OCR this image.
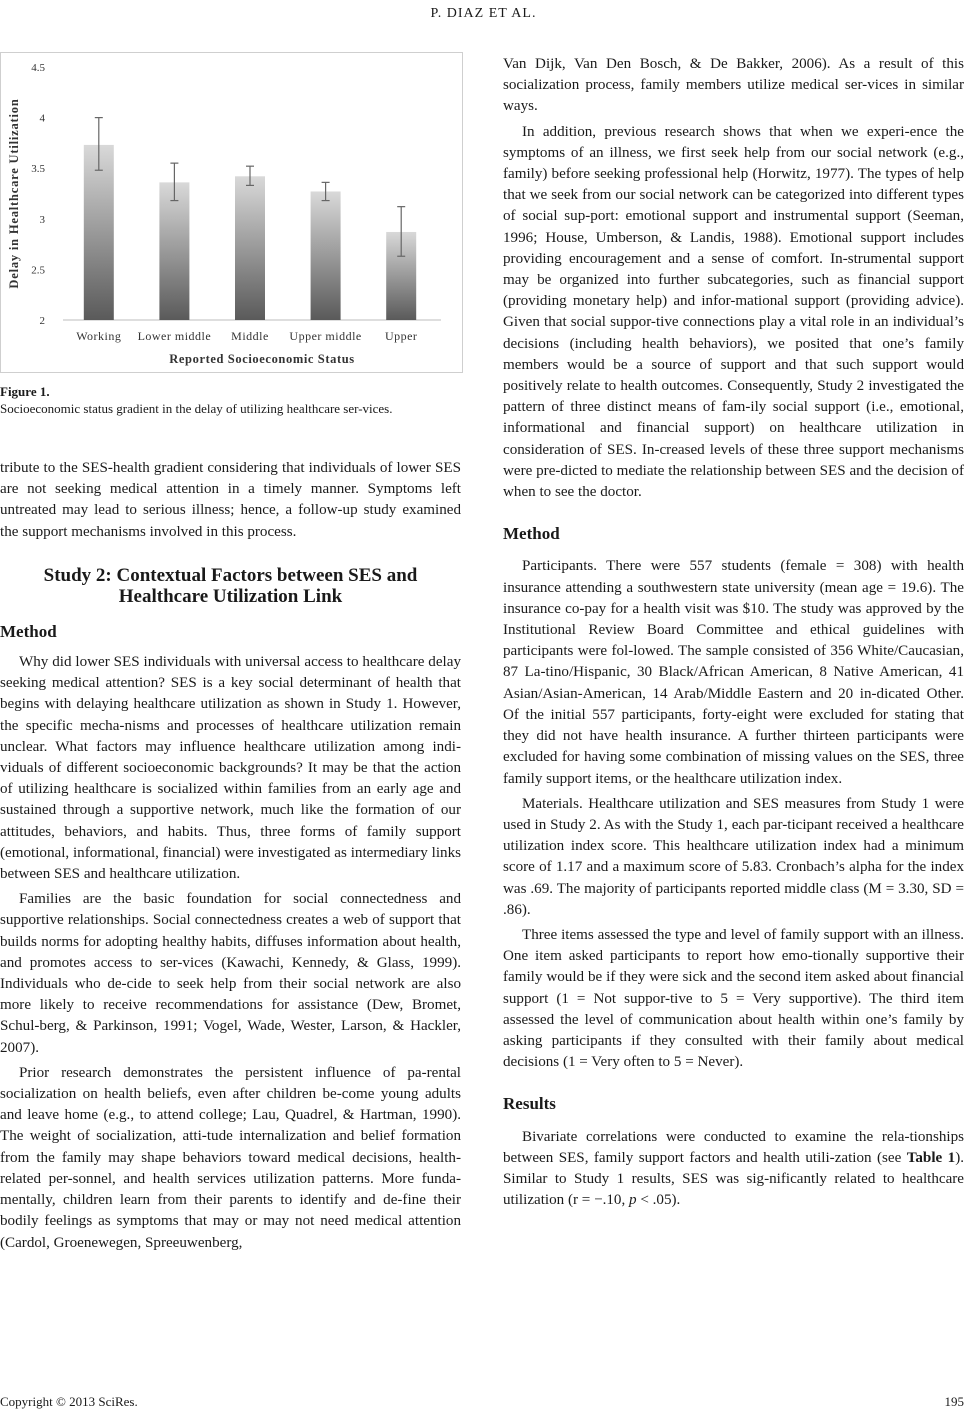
P. DIAZ ET AL.
2
2.5
3
3.5
4
4.5
Working Lower middle Middle Upper middle Upper
Reported Socioeconomic Status
Delay in Healthcare Utilization
Figure 1.
Socioeconomic status gradient in the delay of utilizing healthcare ser-vices.

tribute to the SES-health gradient considering that individuals of lower SES are not seeking medical attention in a timely manner. Symptoms left untreated may lead to serious illness; hence, a follow-up study examined the support mechanisms involved in this process.

Study 2: Contextual Factors between SES and Healthcare Utilization Link
Method

Why did lower SES individuals with universal access to healthcare delay seeking medical attention? SES is a key social determinant of health that begins with delaying healthcare utilization as shown in Study 1. However, the specific mecha-nisms and processes of healthcare utilization remain unclear. What factors may influence healthcare utilization among indi-viduals of different socioeconomic backgrounds? It may be that the action of utilizing healthcare is socialized within families from an early age and sustained through a supportive network, much like the formation of our attitudes, behaviors, and habits. Thus, three forms of family support (emotional, informational, financial) were investigated as intermediary links between SES and healthcare utilization.

Families are the basic foundation for social connectedness and supportive relationships. Social connectedness creates a web of support that builds norms for adopting healthy habits, diffuses information about health, and promotes access to ser-vices (Kawachi, Kennedy, & Glass, 1999). Individuals who de-cide to seek help from their social network are also more likely to receive recommendations for assistance (Dew, Bromet, Schul-berg, & Parkinson, 1991; Vogel, Wade, Wester, Larson, & Hackler, 2007).

Prior research demonstrates the persistent influence of pa-rental socialization on health beliefs, even after children be-come young adults and leave home (e.g., to attend college; Lau, Quadrel, & Hartman, 1990). The weight of socialization, atti-tude internalization and belief formation from the family may shape behaviors toward medical decisions, health-related per-sonnel, and health services utilization patterns. More funda-mentally, children learn from their parents to identify and de-fine their bodily feelings as symptoms that may or may not need medical attention (Cardol, Groenewegen, Spreeuwenberg,

Van Dijk, Van Den Bosch, & De Bakker, 2006). As a result of this socialization process, family members utilize medical ser-vices in similar ways.

In addition, previous research shows that when we experi-ence the symptoms of an illness, we first seek help from our social network (e.g., family) before seeking professional help (Horwitz, 1977). The types of help that we seek from our social network can be categorized into different types of social sup-port: emotional support and instrumental support (Seeman, 1996; House, Umberson, & Landis, 1988). Emotional support includes providing encouragement and a sense of comfort. In-strumental support may be organized into further subcategories, such as financial support (providing monetary help) and infor-mational support (providing advice). Given that social suppor-tive connections play a vital role in an individual’s decisions (including health behaviors), we posited that one’s family members would be a source of support and that such support would positively relate to health outcomes. Consequently, Study 2 investigated the pattern of three distinct means of fam-ily social support (i.e., emotional, informational and financial support) on healthcare utilization in consideration of SES. In-creased levels of these three support mechanisms were pre-dicted to mediate the relationship between SES and the decision of when to see the doctor.

Method

Participants. There were 557 students (female = 308) with health insurance attending a southwestern state university (mean age = 19.6). The insurance co-pay for a health visit was $10. The study was approved by the Institutional Review Board Committee and ethical guidelines with participants were fol-lowed. The sample consisted of 356 White/Caucasian, 87 La-tino/Hispanic, 30 Black/African American, 8 Native American, 41 Asian/Asian-American, 14 Arab/Middle Eastern and 20 in-dicated Other. Of the initial 557 participants, forty-eight were excluded for stating that they did not have health insurance. A further thirteen participants were excluded for having some combination of missing values on the SES, three family support items, or the healthcare utilization index.

Materials. Healthcare utilization and SES measures from Study 1 were used in Study 2. As with the Study 1, each par-ticipant received a healthcare utilization index score. This healthcare utilization index had a minimum score of 1.17 and a maximum score of 5.83. Cronbach’s alpha for the index was .69. The majority of participants reported middle class (M = 3.30, SD = .86).

Three items assessed the type and level of family support with an illness. One item asked participants to report how emo-tionally supportive their family would be if they were sick and the second item asked about financial support (1 = Not suppor-tive to 5 = Very supportive). The third item assessed the level of communication about health within one’s family by asking participants if they consulted with their family about medical decisions (1 = Very often to 5 = Never).

Results

Bivariate correlations were conducted to examine the rela-tionships between SES, family support factors and health utili-zation (see Table 1). Similar to Study 1 results, SES was sig-nificantly related to healthcare utilization (r = −.10, p < .05).

Copyright © 2013 SciRes.	195
